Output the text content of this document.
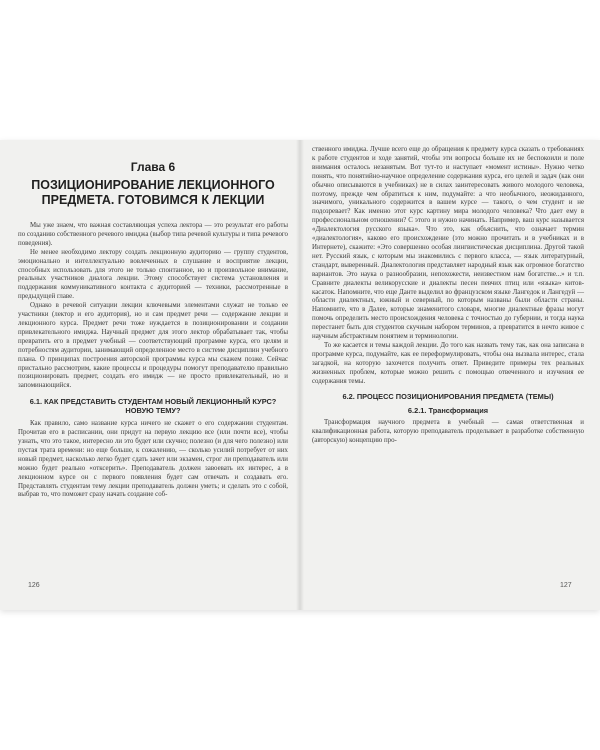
Глава 6
ПОЗИЦИОНИРОВАНИЕ ЛЕКЦИОННОГО ПРЕДМЕТА. ГОТОВИМСЯ К ЛЕКЦИИ

Мы уже знаем, что важная составляющая успеха лектора — это результат его работы по созданию собственного речевого имиджа (выбор типа речевой культуры и типа речевого поведения).

Не менее необходимо лектору создать лекционную аудиторию — группу студентов, эмоционально и интеллектуально вовлеченных в слушание и восприятие лекции, способных использовать для этого не только спонтанное, но и произвольное внимание, реальных участников диалога лекции. Этому способствует система установления и поддержания коммуникативного контакта с аудиторией — техники, рассмотренные в предыдущей главе.

Однако в речевой ситуации лекции ключевыми элементами служат не только ее участники (лектор и его аудитория), но и сам предмет речи — содержание лекции и лекционного курса. Предмет речи тоже нуждается в позиционировании и создании привлекательного имиджа. Научный предмет для этого лектор обрабатывает так, чтобы превратить его в предмет учебный — соответствующий программе курса, его целям и потребностям аудитории, занимающий определенное место в системе дисциплин учебного плана. О принципах построения авторской программы курса мы скажем позже. Сейчас пристально рассмотрим, какие процессы и процедуры помогут преподавателю правильно позиционировать предмет, создать его имидж — не просто привлекательный, но и запоминающийся.

6.1. КАК ПРЕДСТАВИТЬ СТУДЕНТАМ НОВЫЙ ЛЕКЦИОННЫЙ КУРС? НОВУЮ ТЕМУ?

Как правило, само название курса ничего не скажет о его содержании студентам. Прочитав его в расписании, они придут на первую лекцию все (или почти все), чтобы узнать, что это такое, интересно ли это будет или скучно; полезно (и для чего полезно) или пустая трата времени: но еще больше, к сожалению, — сколько усилий потребует от них новый предмет, насколько легко будет сдать зачет или экзамен, строг ли преподаватель или можно будет реально «отксерить». Преподаватель должен завоевать их интерес, а в лекционном курсе он с первого появления будет сам отвечать и создавать его. Представлять студентам тему лекции преподаватель должен уметь; и сделать это с собой, выбрав то, что поможет сразу начать создание соб-

ственного имиджа. Лучше всего еще до обращения к предмету курса сказать о требованиях к работе студентов и ходе занятий, чтобы эти вопросы больше их не беспокоили и поле внимания осталось незанятым. Вот тут-то и наступает «момент истины». Нужно четко понять, что понятийно-научное определение содержания курса, его целей и задач (как они обычно описываются в учебниках) не в силах заинтересовать живого молодого человека, поэтому, прежде чем обратиться к ним, подумайте: а что необычного, неожиданного, значимого, уникального содержится в вашем курсе — такого, о чем студент и не подозревает? Как именно этот курс картину мира молодого человека? Что дает ему в профессиональном отношении? С этого и нужно начинать. Например, ваш курс называется «Диалектология русского языка». Что это, как объяснить, что означает термин «диалектология», каково его происхождение (это можно прочитать и в учебниках и в Интернете), скажите: «Это совершенно особая лингвистическая дисциплина. Другой такой нет. Русский язык, с которым мы знакомились с первого класса, — язык литературный, стандарт, выверенный. Диалектология представляет народный язык как огромное богатство вариантов. Это наука о разнообразии, непохожести, неизвестном нам богатстве...» и т.п. Сравните диалекты великорусские и диалекты песен певчих птиц или «языка» китов-касаток. Напомните, что еще Данте выделил во французском языке Лангедок и Лангедуй — области диалектных, южный и северный, по которым названы были области страны. Напомните, что в Далее, которые знаменитого словаря, многие диалектные фразы могут помочь определить место происхождения человека с точностью до губернии, и тогда наука перестанет быть для студентов скучным набором терминов, а превратится в нечто живое с научным абстрактным понятием и терминологии.

То же касается и темы каждой лекции. До того как назвать тему так, как она записана в программе курса, подумайте, как ее переформулировать, чтобы она вызвала интерес, стала загадкой, на которую захочется получить ответ. Приведите примеры тех реальных жизненных проблем, которые можно решить с помощью отвеченного и изучения ее содержания темы.

6.2. ПРОЦЕСС ПОЗИЦИОНИРОВАНИЯ ПРЕДМЕТА (ТЕМЫ)
6.2.1. Трансформация

Трансформация научного предмета в учебный — самая ответственная и квалификационная работа, которую преподаватель проделывает в разработке собственную (авторскую) концепцию про-

126	127
